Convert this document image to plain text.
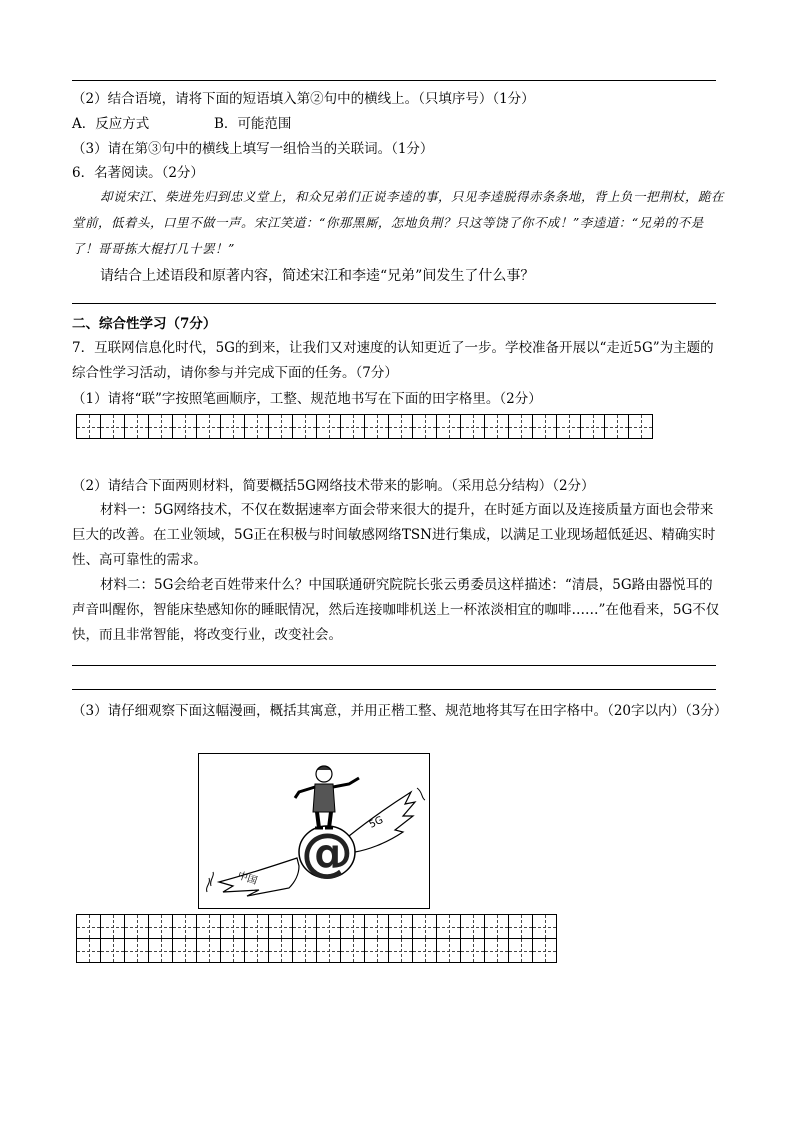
（2）结合语境，请将下面的短语填入第②句中的横线上。（只填序号）（1分）
A．反应方式	B．可能范围
（3）请在第③句中的横线上填写一组恰当的关联词。（1分）
6．名著阅读。（2分）
却说宋江、柴进先归到忠义堂上，和众兄弟们正说李逵的事，只见李逵脱得赤条条地，背上负一把荆杖，跪在堂前，低着头，口里不做一声。宋江笑道：“你那黑厮，怎地负荆？只这等饶了你不成！”李逵道：“兄弟的不是了！哥哥拣大棍打几十罢！”
请结合上述语段和原著内容，简述宋江和李逵“兄弟”间发生了什么事？
二、综合性学习（7分）
7．互联网信息化时代，5G的到来，让我们又对速度的认知更近了一步。学校准备开展以“走近5G”为主题的综合性学习活动，请你参与并完成下面的任务。（7分）
（1）请将“联”字按照笔画顺序，工整、规范地书写在下面的田字格里。（2分）

（2）请结合下面两则材料，简要概括5G网络技术带来的影响。（采用总分结构）（2分）
材料一：5G网络技术，不仅在数据速率方面会带来很大的提升，在时延方面以及连接质量方面也会带来巨大的改善。在工业领域，5G正在积极与时间敏感网络TSN进行集成，以满足工业现场超低延迟、精确实时性、高可靠性的需求。
材料二：5G会给老百姓带来什么？中国联通研究院院长张云勇委员这样描述：“清晨，5G路由器悦耳的声音叫醒你，智能床垫感知你的睡眠情况，然后连接咖啡机送上一杯浓淡相宜的咖啡……”在他看来，5G不仅快，而且非常智能，将改变行业，改变社会。
（3）请仔细观察下面这幅漫画，概括其寓意，并用正楷工整、规范地将其写在田字格中。（20字以内）（3分）
中国
5G
@
